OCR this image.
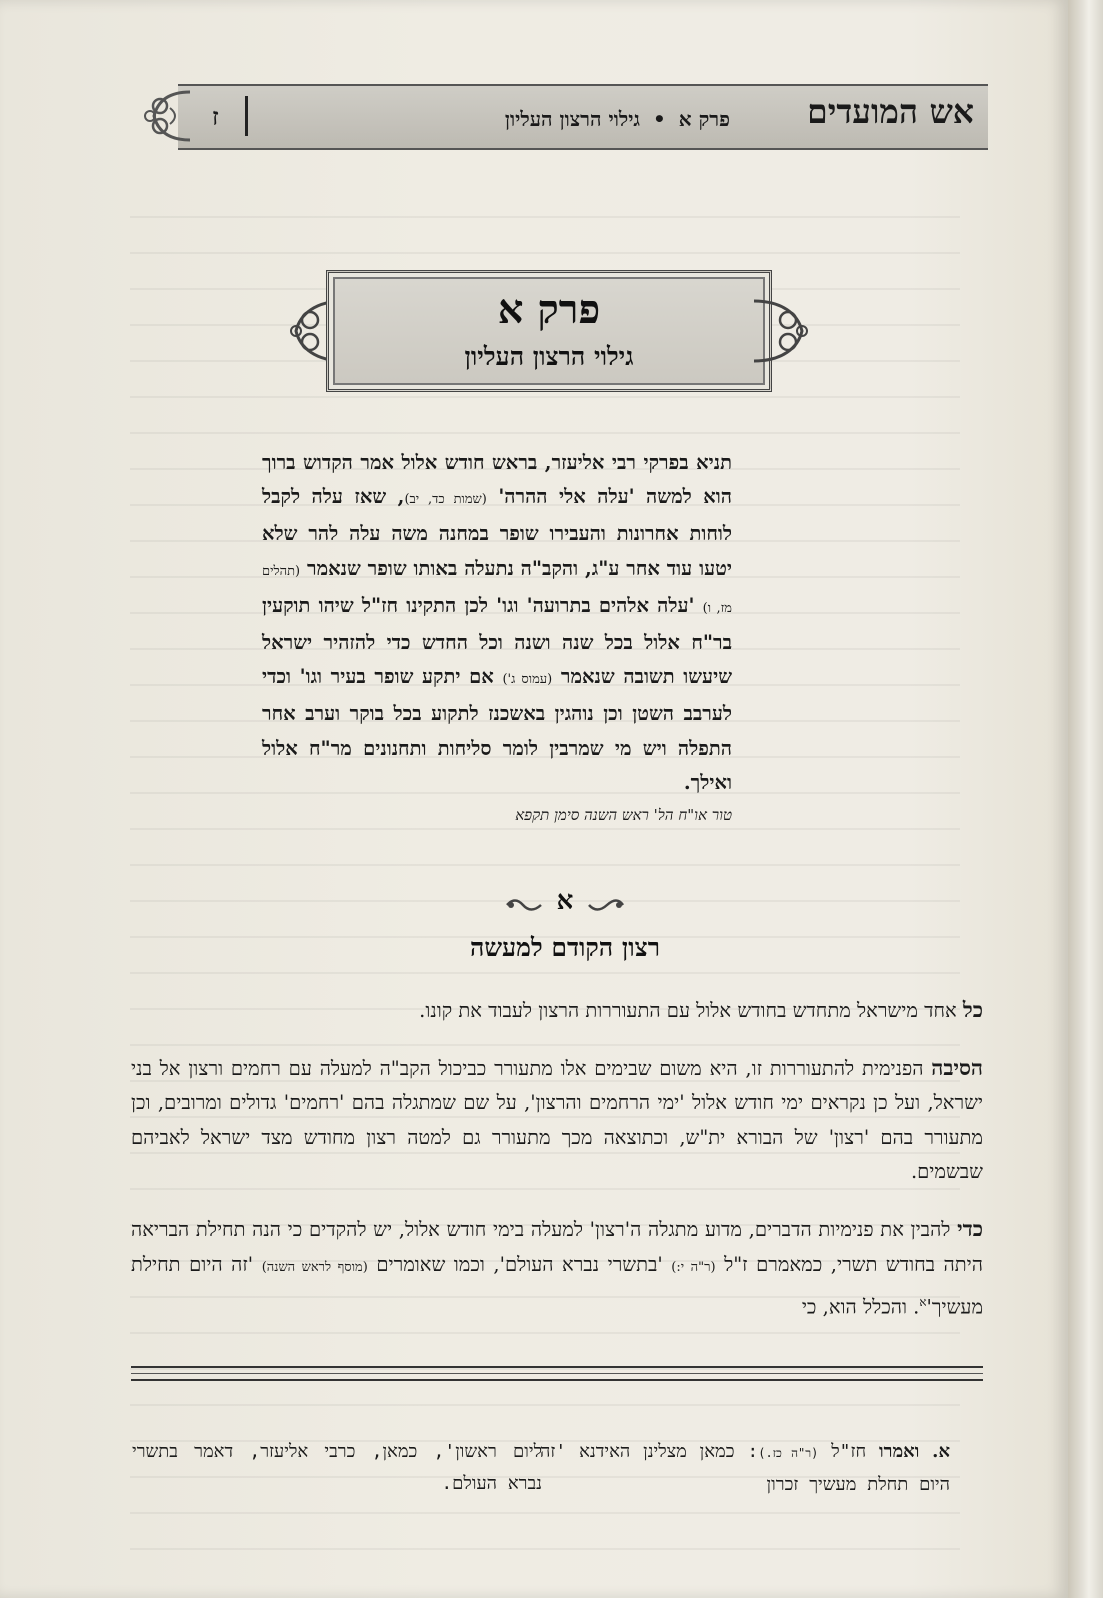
ז	פרק א • גילוי הרצון העליון	אש המועדים
פרק א
גילוי הרצון העליון
תניא בפרקי רבי אליעזר, בראש חודש אלול אמר הקדוש ברוך הוא למשה 'עלה אלי ההרה' (שמות כד, יב), שאז עלה לקבל לוחות אחרונות והעבירו שופר במחנה משה עלה להר שלא יטעו עוד אחר ע"ג, והקב"ה נתעלה באותו שופר שנאמר (תהלים מז, ו) 'עלה אלהים בתרועה' וגו' לכן התקינו חז"ל שיהו תוקעין בר"ח אלול בכל שנה ושנה וכל החדש כדי להזהיר ישראל שיעשו תשובה שנאמר (עמוס ג') אם יתקע שופר בעיר וגו' וכדי לערבב השטן וכן נוהגין באשכנז לתקוע בכל בוקר וערב אחר התפלה ויש מי שמרבין לומר סליחות ותחנונים מר"ח אלול ואילך.
טור או"ח הל' ראש השנה סימן תקפא
א
רצון הקודם למעשה

כל אחד מישראל מתחדש בחודש אלול עם התעוררות הרצון לעבוד את קונו.

הסיבה הפנימית להתעוררות זו, היא משום שבימים אלו מתעורר כביכול הקב"ה למעלה עם רחמים ורצון אל בני ישראל, ועל כן נקראים ימי חודש אלול 'ימי הרחמים והרצון', על שם שמתגלה בהם 'רחמים' גדולים ומרובים, וכן מתעורר בהם 'רצון' של הבורא ית"ש, וכתוצאה מכך מתעורר גם למטה רצון מחודש מצד ישראל לאביהם שבשמים.

כדי להבין את פנימיות הדברים, מדוע מתגלה ה'רצון' למעלה בימי חודש אלול, יש להקדים כי הנה תחילת הבריאה היתה בחודש תשרי, כמאמרם ז"ל (ר"ה י:) 'בתשרי נברא העולם', וכמו שאומרים (מוסף לראש השנה) 'זה היום תחילת $מעשיך'^א$. והכלל הוא, כי

א. ואמרו חז"ל (ר"ה כז.): כמאן מצלינן האידנא 'זה היום תחלת מעשיך זכרון
ליום ראשון', כמאן, כרבי אליעזר, דאמר בתשרי נברא העולם.
